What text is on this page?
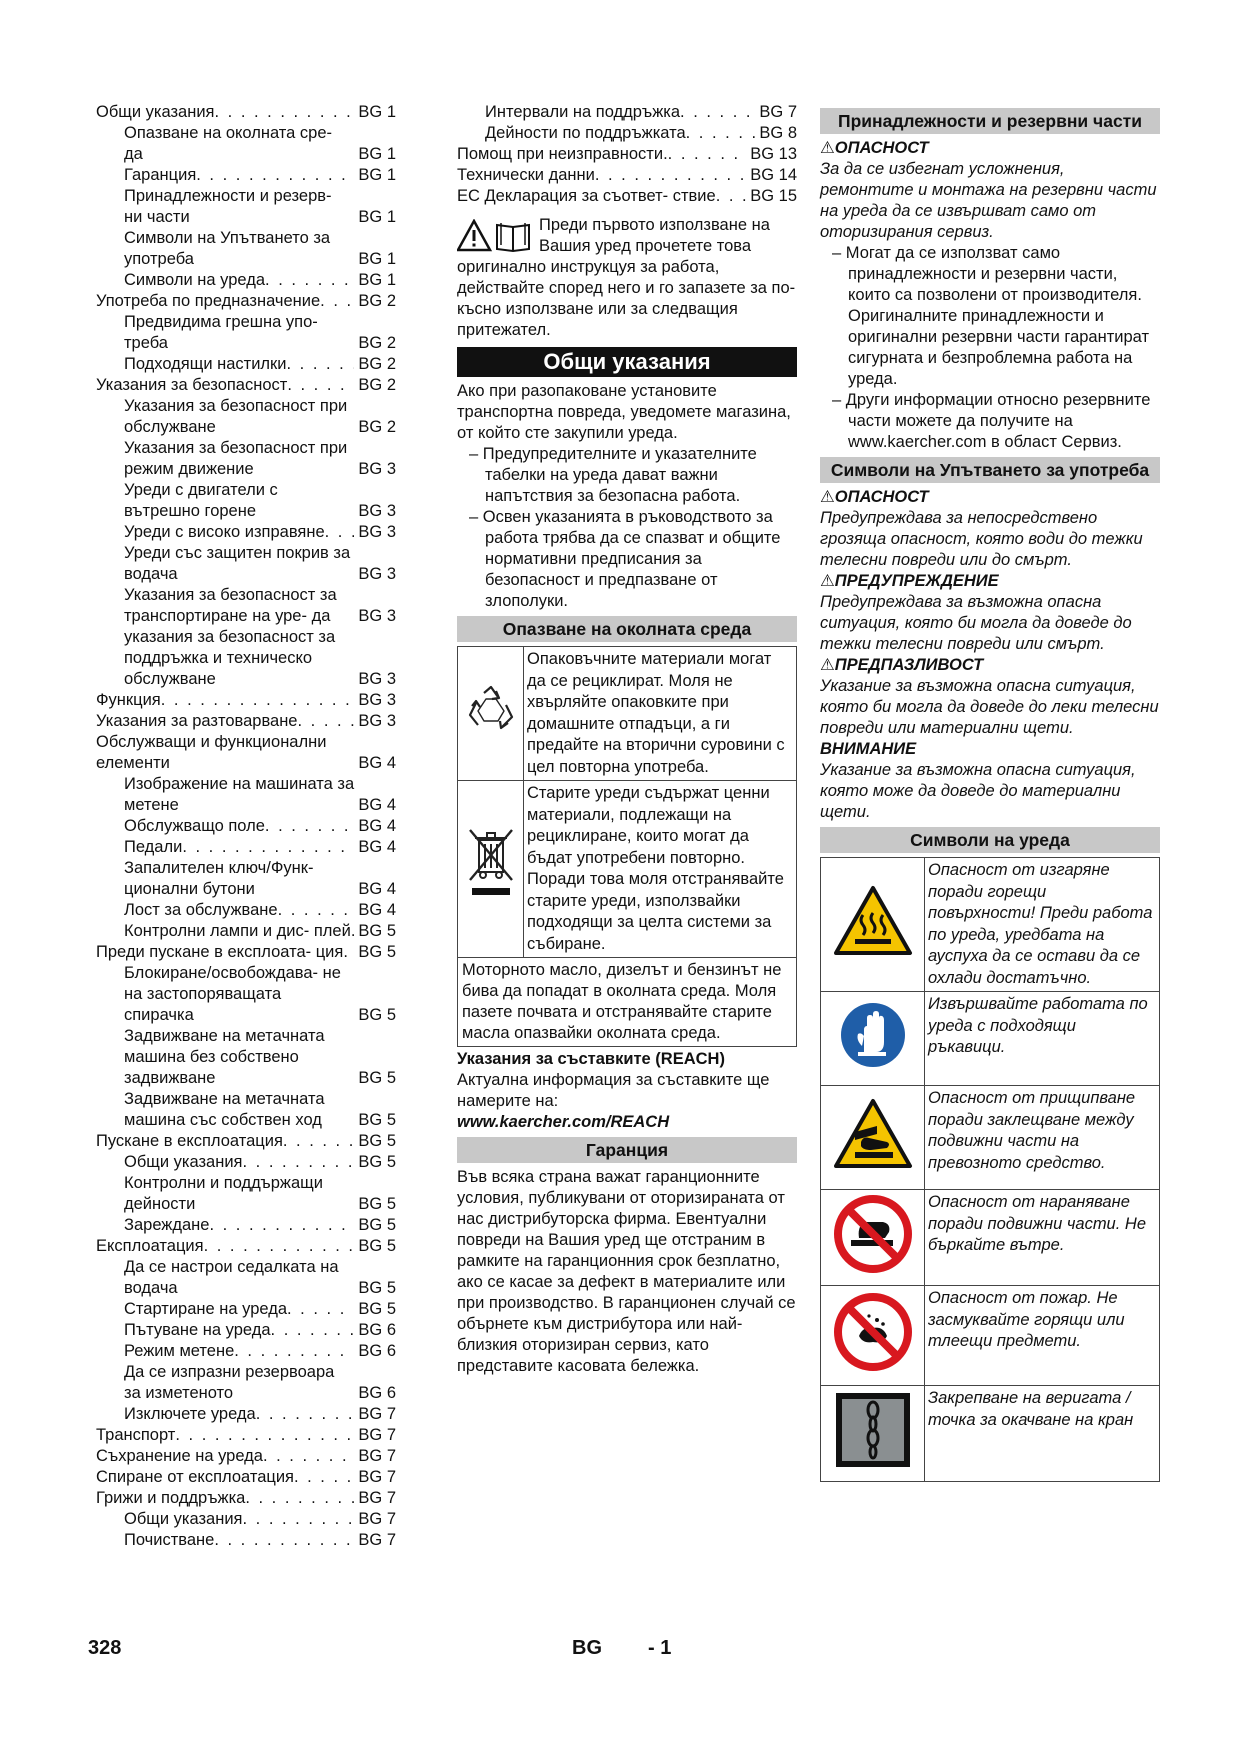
Общи указания . . .	BG 1
Опазване на околната сре- да	BG 1
Гаранция . . .	BG 1
Принадлежности и резерв- ни части	BG 1
Символи на Упътването за употреба	BG 1
Символи на уреда . . .	BG 1
Употреба по предназначение . . . BG 2
Предвидима грешна упо- треба	BG 2
Подходящи настилки . . .	BG 2
Указания за безопасност . . .	BG 2
Указания за безопасност при обслужване	BG 2
Указания за безопасност при режим движение	BG 3
Уреди с двигатели с вътрешно горене	BG 3
Уреди с високо изправяне . . . BG 3
Уреди със защитен покрив за водача	BG 3
Указания за безопасност за транспортиране на уре- да	BG 3
указания за безопасност за поддръжка и техническо обслужване	BG 3
Функция . . .	BG 3
Указания за разтоварване . . .	BG 3
Обслужващи и функционални елементи	BG 4
Изображение на машината за метене	BG 4
Обслужващо поле . . .	BG 4
Педали . . .	BG 4
Запалителен ключ/Функ- ционални бутони	BG 4
Лост за обслужване . . .	BG 4
Контролни лампи и дис- плей . . . BG 5
Преди пускане в експлоата- ция . . . BG 5
Блокиране/освобождава- не на застопоряващата спирачка	BG 5
Задвижване на метачната машина без собствено задвижване	BG 5
Задвижване на метачната машина със собствен ход	BG 5
Пускане в експлоатация . . .	BG 5
Общи указания . . .	BG 5
Контролни и поддържащи дейности	BG 5
Зареждане . . .	BG 5
Експлоатация . . .	BG 5
Да се настрои седалката на водача	BG 5
Стартиране на уреда . . .	BG 5
Пътуване на уреда . . .	BG 6
Режим метене . . .	BG 6
Да се изпразни резервоара за изметеното	BG 6
Изключете уреда . . .	BG 7
Транспорт . . .	BG 7
Съхранение на уреда . . .	BG 7
Спиране от експлоатация . . .	BG 7
Грижи и поддръжка . . .	BG 7
Общи указания . . .	BG 7
Почистване . . .	BG 7
Интервали на поддръжка . . .	BG 7
Дейности по поддръжката . . .	BG 8
Помощ при неизправности. . . .	BG 13
Технически данни . . .	BG 14
ЕС Декларация за съответ- ствие . . . BG 15

Преди първото използване на Вашия уред прочетете това оригинално инструкцуя за работа, действайте според него и го запазете за по-късно използване или за следващия притежател.

Общи указания

Ако при разопаковане установите транспортна повреда, уведомете магазина, от който сте закупили уреда.

– Предупредителните и указателните табелки на уреда дават важни напътствия за безопасна работа.

– Освен указанията в ръководството за работа трябва да се спазват и общите нормативни предписания за безопасност и предпазване от злополуки.

Опазване на околната среда
	Опаковъчните материали могат да се рециклират. Моля не хвърляйте опаковките при домашните отпадъци, а ги предайте на вторични суровини с цел повторна употреба.
	Старите уреди съдържат ценни материали, подлежащи на рециклиране, които могат да бъдат употребени повторно. Поради това моля отстранявайте старите уреди, използвайки подходящи за целта системи за събиране.

Моторното масло, дизелът и бензинът не бива да попадат в околната среда. Моля пазете почвата и отстранявайте старите масла опазвайки околната среда.

Указания за съставките (REACH)

Актуална информация за съставките ще намерите на:

www.kaercher.com/REACH

Гаранция

Във всяка страна важат гаранционните условия, публикувани от оторизираната от нас дистрибуторска фирма. Евентуални повреди на Вашия уред ще отстраним в рамките на гаранционния срок безплатно, ако се касае за дефект в материалите или при производство. В гаранционен случай се обърнете към дистрибутора или най-близкия оторизиран сервиз, като представите касовата бележка.

Принадлежности и резервни части

⚠ОПАСНОСТ

За да се избегнат усложнения, ремонтите и монтажа на резервни части на уреда да се извършват само от оторизирания сервиз.

– Могат да се използват само принадлежности и резервни части, които са позволени от производителя. Оригиналните принадлежности и оригинални резервни части гарантират сигурната и безпроблемна работа на уреда.

– Други информации относно резервните части можете да получите на www.kaercher.com в област Сервиз.

Символи на Упътването за употреба

⚠ОПАСНОСТ

Предупреждава за непосредствено грозяща опасност, която води до тежки телесни повреди или до смърт.

⚠ПРЕДУПРЕЖДЕНИЕ

Предупреждава за възможна опасна ситуация, която би могла да доведе до тежки телесни повреди или смърт.

⚠ПРЕДПАЗЛИВОСТ

Указание за възможна опасна ситуация, която би могла да доведе до леки телесни повреди или материални щети.

ВНИМАНИЕ

Указание за възможна опасна ситуация, която може да доведе до материални щети.

Символи на уреда
	Опасност от изгаряне поради горещи повърхности! Преди работа по уреда, уредбата на ауспуха да се остави да се охлади достатъчно.
	Извършвайте работата по уреда с подходящи ръкавици.
	Опасност от прищипване поради заклещване между подвижни части на превозното средство.
	Опасност от нараняване поради подвижни части. Не бъркайте вътре.
	Опасност от пожар. Не засмуквайте горящи или тлеещи предмети.
	Закрепване на веригата / точка за окачване на кран
328	BG - 1
